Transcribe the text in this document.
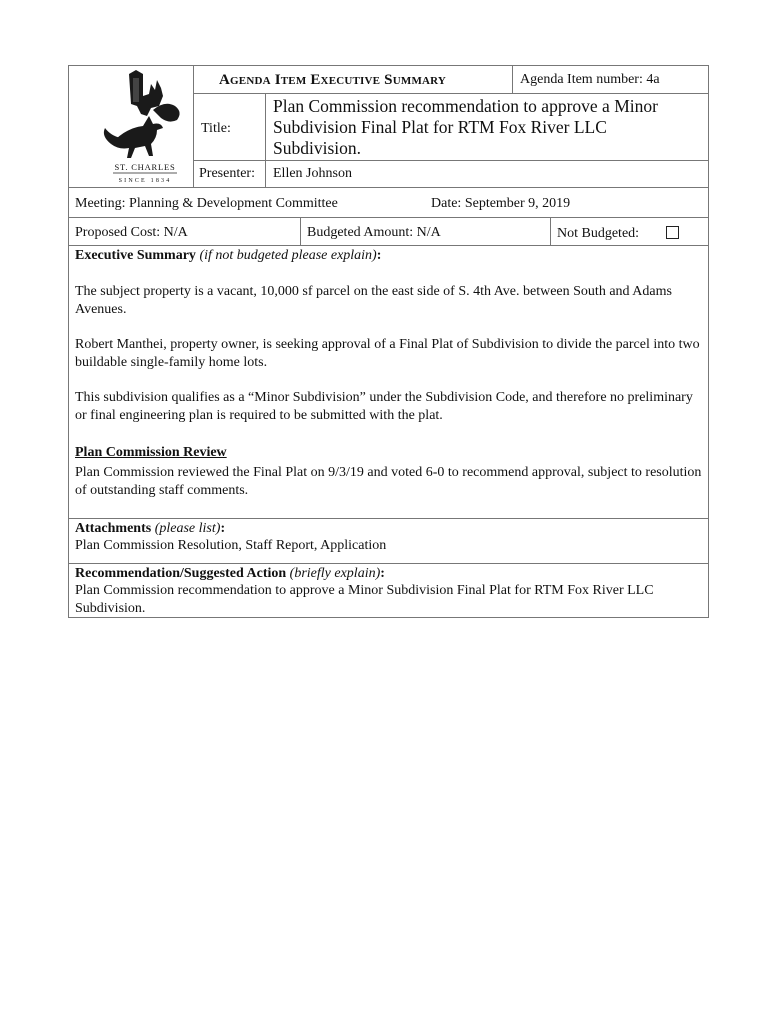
ST. CHARLES
SINCE 1834
Agenda Item Executive Summary	Agenda Item number: 4a
Title:
Plan Commission recommendation to approve a Minor Subdivision Final Plat for RTM Fox River LLC Subdivision.
Presenter: Ellen Johnson
Meeting: Planning & Development Committee	Date: September 9, 2019
Proposed Cost: N/A	Budgeted Amount: N/A	Not Budgeted:
Executive Summary (if not budgeted please explain):
The subject property is a vacant, 10,000 sf parcel on the east side of S. 4th Ave. between South and Adams Avenues.
Robert Manthei, property owner, is seeking approval of a Final Plat of Subdivision to divide the parcel into two buildable single-family home lots.
This subdivision qualifies as a “Minor Subdivision” under the Subdivision Code, and therefore no preliminary or final engineering plan is required to be submitted with the plat.
Plan Commission Review
Plan Commission reviewed the Final Plat on 9/3/19 and voted 6-0 to recommend approval, subject to resolution of outstanding staff comments.
Attachments (please list):
Plan Commission Resolution, Staff Report, Application
Recommendation/Suggested Action (briefly explain):
Plan Commission recommendation to approve a Minor Subdivision Final Plat for RTM Fox River LLC Subdivision.
